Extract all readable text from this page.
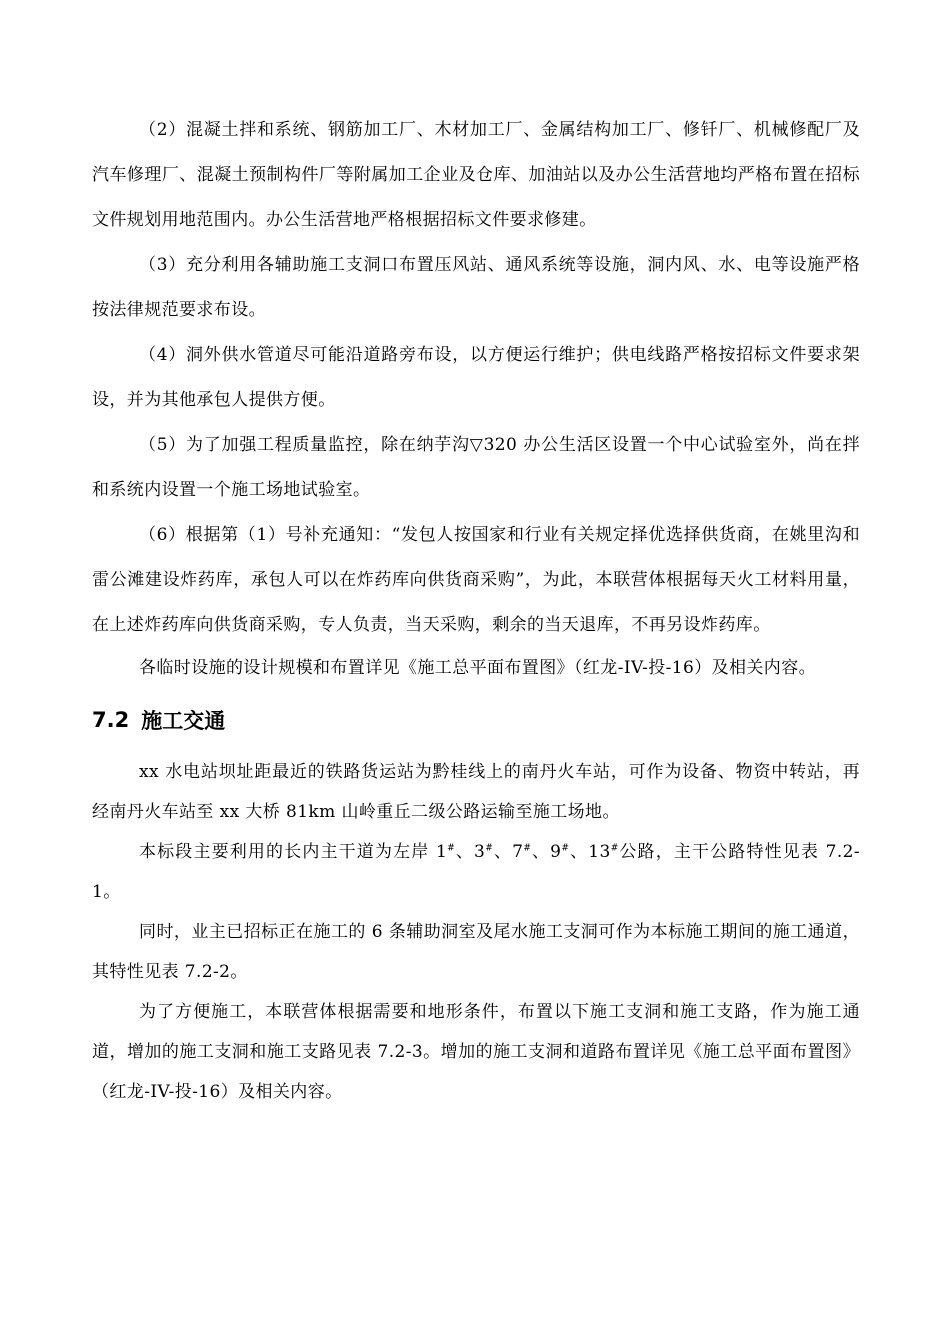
（2）混凝土拌和系统、钢筋加工厂、木材加工厂、金属结构加工厂、修钎厂、机械修配厂及汽车修理厂、混凝土预制构件厂等附属加工企业及仓库、加油站以及办公生活营地均严格布置在招标文件规划用地范围内。办公生活营地严格根据招标文件要求修建。

（3）充分利用各辅助施工支洞口布置压风站、通风系统等设施，洞内风、水、电等设施严格按法律规范要求布设。

（4）洞外供水管道尽可能沿道路旁布设，以方便运行维护；供电线路严格按招标文件要求架设，并为其他承包人提供方便。

（5）为了加强工程质量监控，除在纳芋沟▽320 办公生活区设置一个中心试验室外，尚在拌和系统内设置一个施工场地试验室。

（6）根据第（1）号补充通知：“发包人按国家和行业有关规定择优选择供货商，在姚里沟和雷公滩建设炸药库，承包人可以在炸药库向供货商采购”，为此，本联营体根据每天火工材料用量，在上述炸药库向供货商采购，专人负责，当天采购，剩余的当天退库，不再另设炸药库。

各临时设施的设计规模和布置详见《施工总平面布置图》（红龙-IV-投-16）及相关内容。

7.2 施工交通

xx 水电站坝址距最近的铁路货运站为黔桂线上的南丹火车站，可作为设备、物资中转站，再经南丹火车站至 xx 大桥 81km 山岭重丘二级公路运输至施工场地。

本标段主要利用的长内主干道为左岸 1#、3#、7#、9#、13#公路，主干公路特性见表 7.2-1。

同时，业主已招标正在施工的 6 条辅助洞室及尾水施工支洞可作为本标施工期间的施工通道，其特性见表 7.2-2。

为了方便施工，本联营体根据需要和地形条件，布置以下施工支洞和施工支路，作为施工通道，增加的施工支洞和施工支路见表 7.2-3。增加的施工支洞和道路布置详见《施工总平面布置图》（红龙-IV-投-16）及相关内容。
